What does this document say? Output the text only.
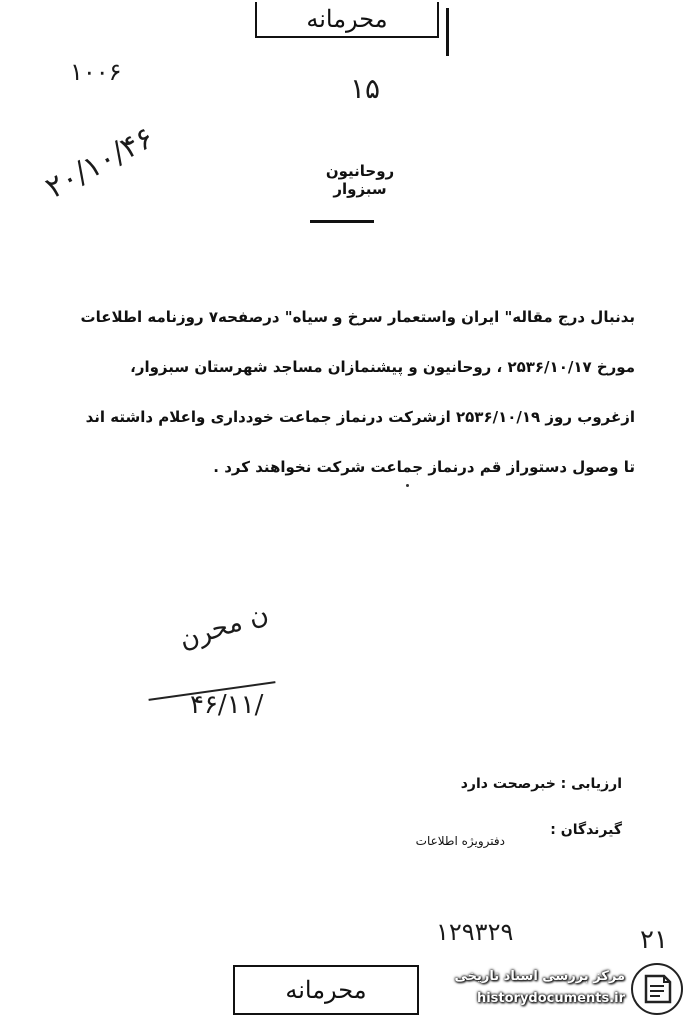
محرمانه
۱۰۰۶	۱۵
۲۰/۱۰/۴۶	روحانیون سبزوار

بدنبال درج مقاله" ایران واستعمار سرخ و سیاه" درصفحه۷ روزنامه اطلاعات

مورخ ۲۵۳۶/۱۰/۱۷ ، روحانیون و پیشنمازان مساجد شهرستان سبزوار،

ازغروب روز ۲۵۳۶/۱۰/۱۹ ازشرکت درنماز جماعت خودداری واعلام داشته اند

تا وصول دستوراز قم درنماز جماعت شرکت نخواهند کرد .

ن محرن
۴۶/۱۱/
ارزیابی : خبرصحت دارد
گیرندگان :
دفترویژه اطلاعات
۱۲۹۳۲۹	۲۱
محرمانه	مرکز بررسی اسناد تاریخی
historydocuments.ir
